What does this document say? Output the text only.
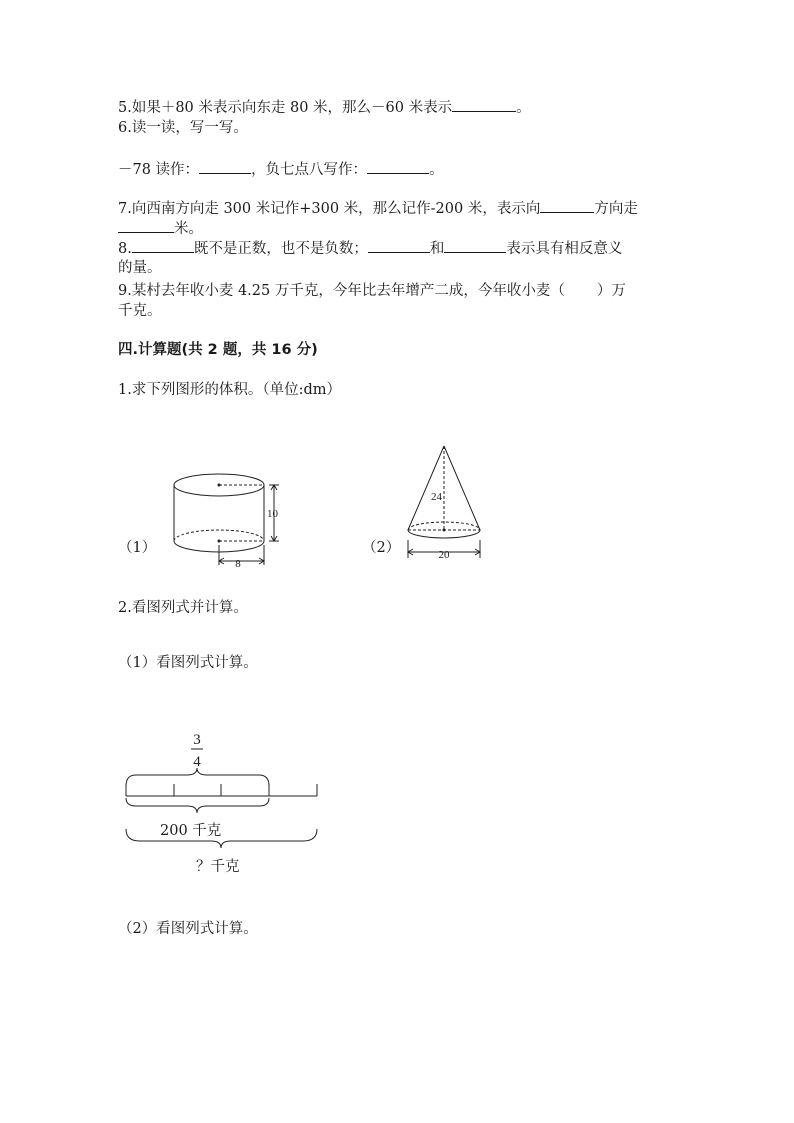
5.如果＋80 米表示向东走 80 米，那么－60 米表示	。
6.读一读，写一写。
－78 读作：	，负七点八写作：	。
7.向西南方向走 300 米记作+300 米，那么记作-200 米，表示向	方向走
米。
8.	既不是正数，也不是负数；	和	表示具有相反意义
的量。
9.某村去年收小麦 4.25 万千克，今年比去年增产二成，今年收小麦（ ）万
千克。
四.计算题(共 2 题，共 16 分)
1.求下列图形的体积。（单位:dm）
（1）
10
8
（2）
24
20
2.看图列式并计算。
（1）看图列式计算。
3
4
200 千克
？千克
（2）看图列式计算。
